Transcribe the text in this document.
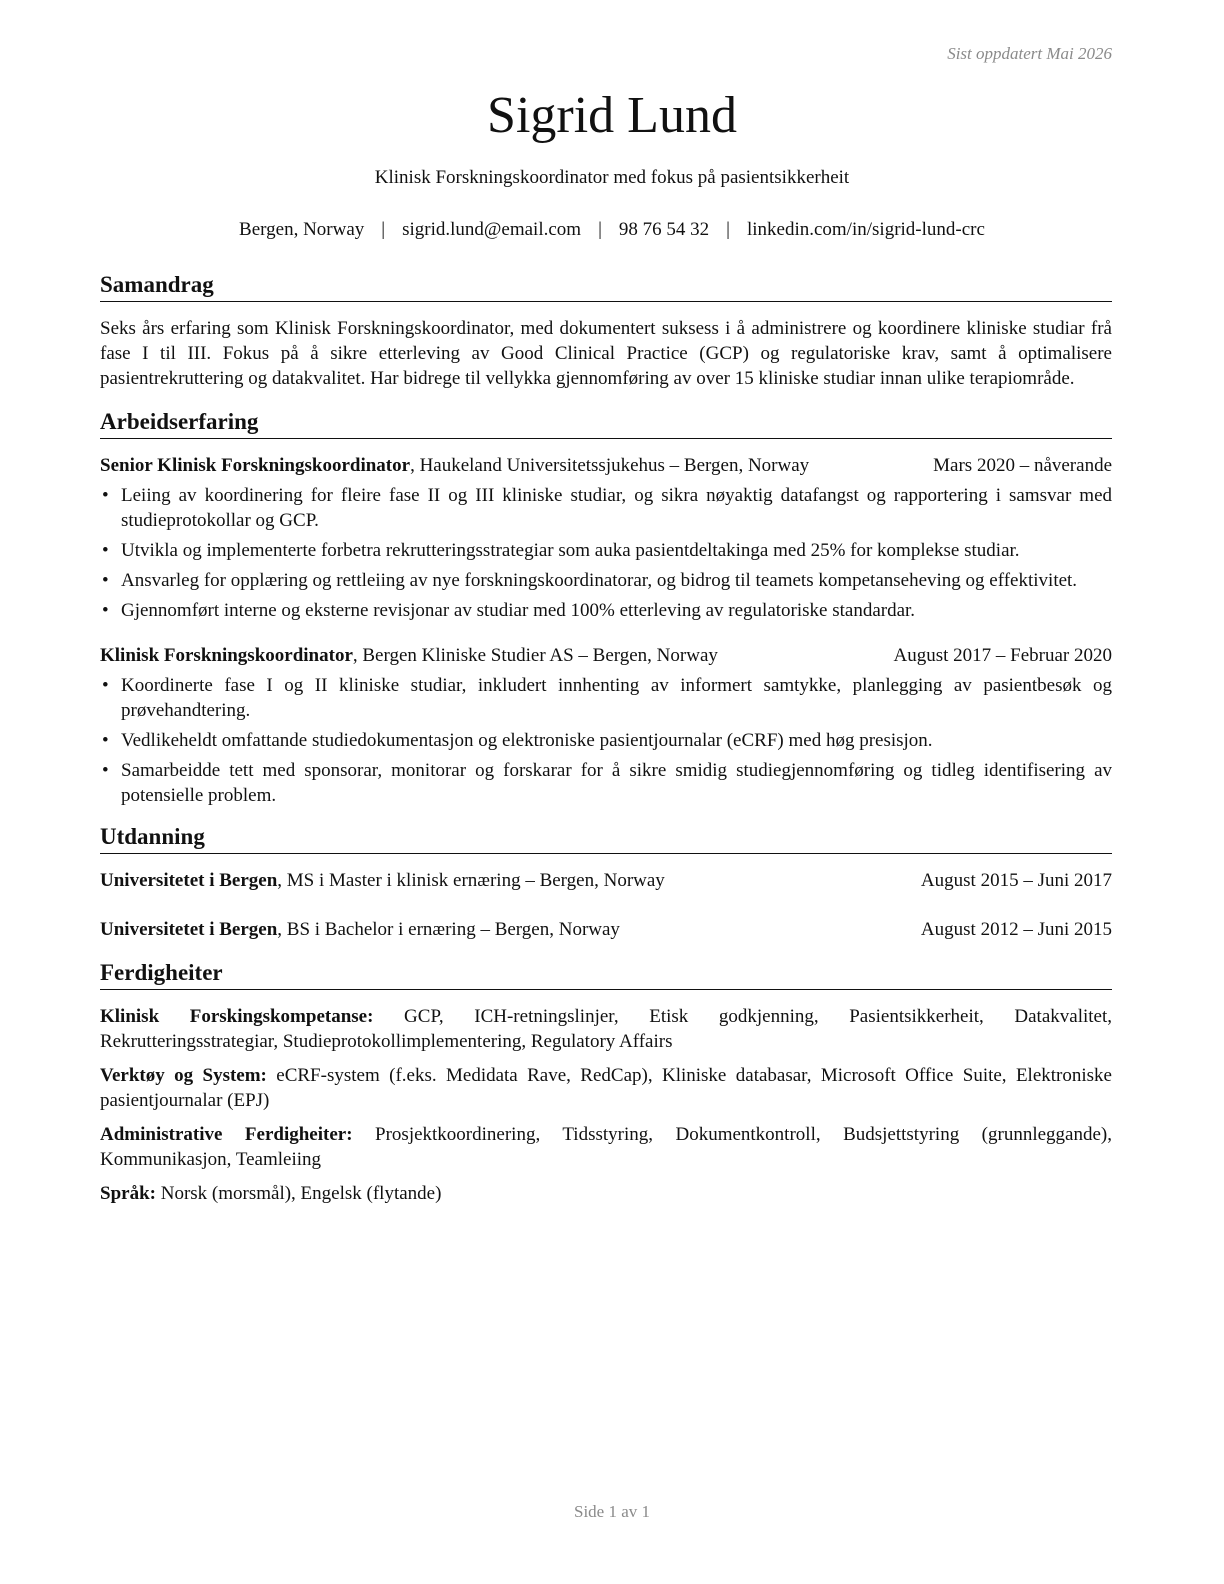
Sist oppdatert Mai 2026
Sigrid Lund
Klinisk Forskningskoordinator med fokus på pasientsikkerheit
Bergen, Norway | sigrid.lund@email.com | 98 76 54 32 | linkedin.com/in/sigrid-lund-crc
Samandrag

Seks års erfaring som Klinisk Forskningskoordinator, med dokumentert suksess i å administrere og koordinere kliniske studiar frå fase I til III. Fokus på å sikre etterleving av Good Clinical Practice (GCP) og regulatoriske krav, samt å optimalisere pasientrekruttering og datakvalitet. Har bidrege til vellykka gjennomføring av over 15 kliniske studiar innan ulike terapiområde.

Arbeidserfaring
Senior Klinisk Forskningskoordinator, Haukeland Universitetssjukehus – Bergen, Norway	Mars 2020 – nåverande
• Leiing av koordinering for fleire fase II og III kliniske studiar, og sikra nøyaktig datafangst og rapportering i samsvar med studieprotokollar og GCP.
• Utvikla og implementerte forbetra rekrutteringsstrategiar som auka pasientdeltakinga med 25% for komplekse studiar.
• Ansvarleg for opplæring og rettleiing av nye forskningskoordinatorar, og bidrog til teamets kompetanseheving og effektivitet.
• Gjennomført interne og eksterne revisjonar av studiar med 100% etterleving av regulatoriske standardar.
Klinisk Forskningskoordinator, Bergen Kliniske Studier AS – Bergen, Norway	August 2017 – Februar 2020
• Koordinerte fase I og II kliniske studiar, inkludert innhenting av informert samtykke, planlegging av pasientbesøk og prøvehandtering.
• Vedlikeheldt omfattande studiedokumentasjon og elektroniske pasientjournalar (eCRF) med høg presisjon.
• Samarbeidde tett med sponsorar, monitorar og forskarar for å sikre smidig studiegjennomføring og tidleg identifisering av potensielle problem.
Utdanning
Universitetet i Bergen, MS i Master i klinisk ernæring – Bergen, Norway	August 2015 – Juni 2017
Universitetet i Bergen, BS i Bachelor i ernæring – Bergen, Norway	August 2012 – Juni 2015
Ferdigheiter

Klinisk Forskingskompetanse: GCP, ICH-retningslinjer, Etisk godkjenning, Pasientsikkerheit, Datakvalitet, Rekrutteringsstrategiar, Studieprotokollimplementering, Regulatory Affairs

Verktøy og System: eCRF-system (f.eks. Medidata Rave, RedCap), Kliniske databasar, Microsoft Office Suite, Elektroniske pasientjournalar (EPJ)

Administrative Ferdigheiter: Prosjektkoordinering, Tidsstyring, Dokumentkontroll, Budsjettstyring (grunnleggande), Kommunikasjon, Teamleiing

Språk: Norsk (morsmål), Engelsk (flytande)

Side 1 av 1
